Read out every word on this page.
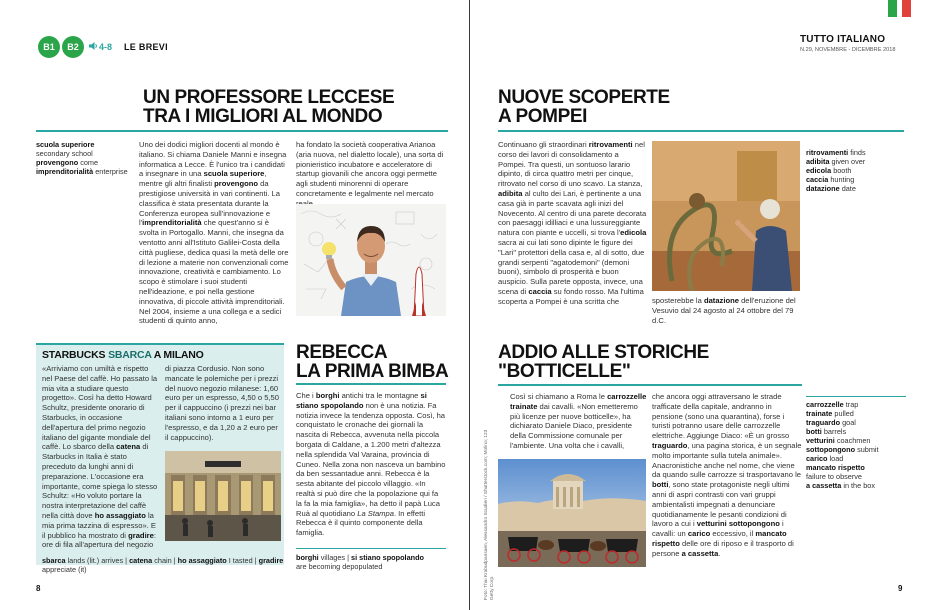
B1	B2	4-8 LE BREVI
UN PROFESSORE LECCESE
TRA I MIGLIORI AL MONDO
scuola superiore
secondary school
provengono come
imprenditorialità enterprise
Uno dei dodici migliori docenti al mondo è italiano. Si chiama Daniele Manni e insegna informatica a Lecce. È l'unico tra i candidati a insegnare in una scuola superiore, mentre gli altri finalisti provengono da prestigiose università in vari continenti. La classifica è stata presentata durante la Conferenza europea sull'innovazione e l'imprenditorialità che quest'anno si è svolta in Portogallo. Manni, che insegna da ventotto anni all'Istituto Galilei-Costa della città pugliese, dedica quasi la metà delle ore di lezione a materie non convenzionali come innovazione, creatività e cambiamento. Lo scopo è stimolare i suoi studenti nell'ideazione, e poi nella gestione innovativa, di piccole attività imprenditoriali. Nel 2004, insieme a una collega e a sedici studenti di quinto anno,
ha fondato la società cooperativa Arianoa (aria nuova, nel dialetto locale), una sorta di pionieristico incubatore e acceleratore di startup giovanili che ancora oggi permette agli studenti minorenni di operare concretamente e legalmente nel mercato
STARBUCKS SBARCA A MILANO
«Arriviamo con umiltà e rispetto nel Paese del caffè. Ho passato la mia vita a studiare questo progetto». Così ha detto Howard Schultz, presidente onorario di Starbucks, in occasione dell'apertura del primo negozio italiano del gigante mondiale del caffè. Lo sbarco della catena di Starbucks in Italia è stato preceduto da lunghi anni di preparazione. L'occasione era importante, come spiega lo stesso Schultz: «Ho voluto portare la nostra interpretazione del caffè nella città dove ho assaggiato la mia prima tazzina di espresso». E il pubblico ha mostrato di gradire: ore di fila all'apertura del negozio
di piazza Cordusio. Non sono mancate le polemiche per i prezzi del nuovo negozio milanese: 1,60 euro per un espresso, 4,50 o 5,50 per il cappuccino (i prezzi nei bar italiani sono intorno a 1 euro per l'espresso, e da 1,20 a 2 euro per il cappuccino).
sbarca lands (lit.) arrives | catena chain | ho assaggiato I tasted | gradire appreciate (it)
REBECCA
LA PRIMA BIMBA
Che i borghi antichi tra le montagne si stiano spopolando non è una notizia. Fa notizia invece la tendenza opposta. Così, ha conquistato le cronache dei giornali la nascita di Rebecca, avvenuta nella piccola borgata di Caldane, a 1.200 metri d'altezza nella splendida Val Varaina, provincia di Cuneo. Nella zona non nasceva un bambino da ben sessantadue anni. Rebecca è la sesta abitante del piccolo villaggio. «In realtà si può dire che la popolazione qui fa la fa la mia famiglia», ha detto il papà Luca Ruà al quotidiano La Stampa. In effetti Rebecca è il quinto componente della famiglia.
borghi villages | si stiano spopolando
are becoming depopulated
8
TUTTO ITALIANO
N.29, NOVEMBRE - DICEMBRE 2018
NUOVE SCOPERTE
A POMPEI
Continuano gli straordinari ritrovamenti nel corso dei lavori di consolidamento a Pompei. Tra questi, un sontuoso larario dipinto, di circa quattro metri per cinque, ritrovato nel corso di uno scavo. La stanza, adibita al culto dei Lari, è pertinente a una casa già in parte scavata agli inizi del Novecento. Al centro di una parete decorata con paesaggi idilliaci e una lussureggiante natura con piante e uccelli, si trova l'edicola sacra ai cui lati sono dipinte le figure dei "Lari" protettori della casa e, al di sotto, due grandi serpenti "agatodemoni" (demoni buoni), simbolo di prosperità e buon auspicio. Sulla parete opposta, invece, una scena di caccia su fondo rosso. Ma l'ultima scoperta a Pompei è una scritta che	sposterebbe la datazione dell'eruzione del Vesuvio dal 24 agosto al 24 ottobre del 79 d.C.
ritrovamenti finds
adibita given over
edicola booth
caccia hunting
datazione date
ADDIO ALLE STORICHE
"BOTTICELLE"
Così si chiamano a Roma le carrozzelle trainate dai cavalli. «Non emetteremo più licenze per nuove botticelle», ha dichiarato Daniele Diaco, presidente della Commissione comunale per l'ambiente. Una volta che i cavalli,
Foto: Thai Krabudpansaen, Alessandro Scudieri / Shutterstock.com; Molino; 123 Getty Corp.
che ancora oggi attraversano le strade trafficate della capitale, andranno in pensione (sono una quarantina), forse i turisti potranno usare delle carrozzelle elettriche. Aggiunge Diaco: «È un grosso traguardo, una pagina storica, è un segnale molto importante sulla tutela animale». Anacronistiche anche nel nome, che viene da quando sulle carrozze si trasportavano le botti, sono state protagoniste negli ultimi anni di aspri contrasti con vari gruppi ambientalisti impegnati a denunciare quotidianamente le pesanti condizioni di lavoro a cui i vetturini sottopongono i cavalli: un carico eccessivo, il mancato rispetto delle ore di riposo e il trasporto di persone a cassetta.
carrozzelle trap
trainate pulled
traguardo goal
botti barrels
vetturini coachmen
sottopongono submit
carico load
mancato rispetto
failure to observe
a cassetta in the box
9
